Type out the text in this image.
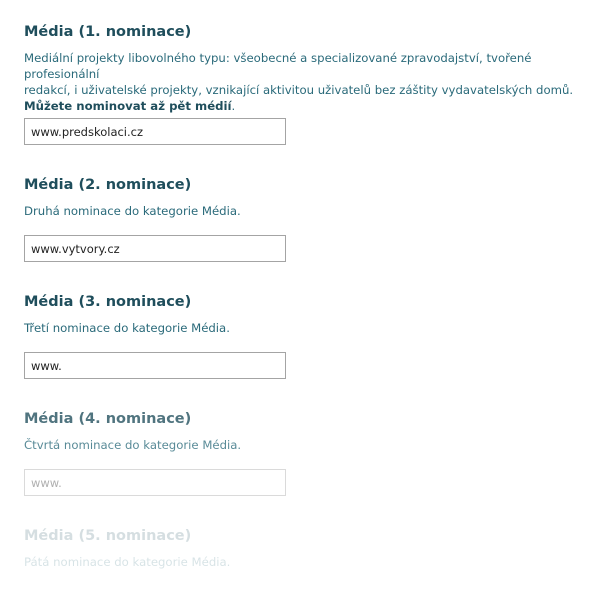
Média (1. nominace)

Mediální projekty libovolného typu: všeobecné a specializované zpravodajství, tvořené profesionální
redakcí, i uživatelské projekty, vznikající aktivitou uživatelů bez záštity vydavatelských domů.
Můžete nominovat až pět médií.

www.predskolaci.cz
Média (2. nominace)

Druhá nominace do kategorie Média.

www.vytvory.cz
Média (3. nominace)

Třetí nominace do kategorie Média.

www.
Média (4. nominace)

Čtvrtá nominace do kategorie Média.

www.
Média (5. nominace)

Pátá nominace do kategorie Média.
